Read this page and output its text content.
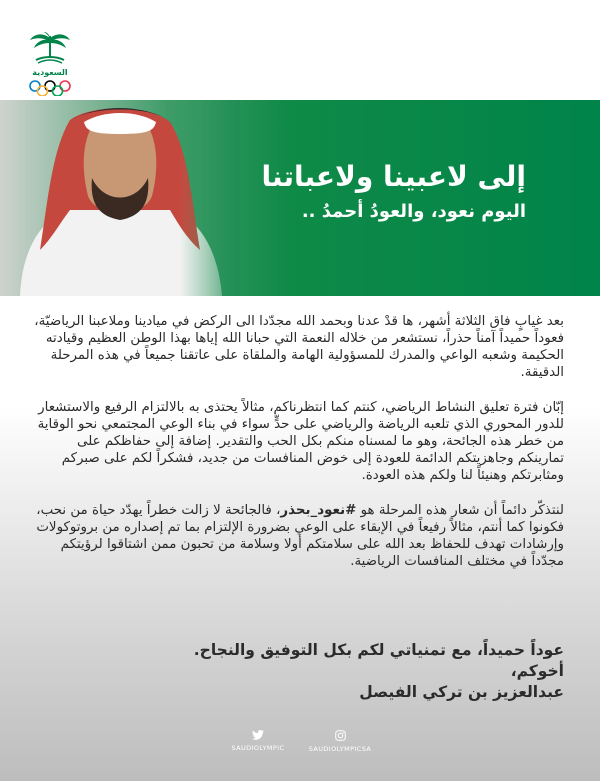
السعودية
إلى لاعبينا ولاعباتنا
اليوم نعود، والعودُ أحمدُ ..

بعد غيابٍ فاق الثلاثة أشهر، ها قدْ عدنا وبحمد الله مجدّدا الى الركض في ميادينا وملاعبنا الرياضيّة، فعوداً حميداً آمناً حذراً، نستشعر من خلاله النعمة التي حبانا الله إياها بهذا الوطن العظيم وقيادته الحكيمة وشعبه الواعي والمدرك للمسؤولية الهامة والملقاة على عاتقنا جميعاً في هذه المرحلة الدقيقة.

إبّان فترة تعليق النشاط الرياضي، كنتم كما انتظرناكم، مثالاً يحتذى به بالالتزام الرفيع والاستشعار للدور المحوري الذي تلعبه الرياضة والرياضي على حدٍّ سواء في بناء الوعي المجتمعي نحو الوقاية من خطر هذه الجائحة، وهو ما لمسناه منكم بكل الحب والتقدير. إضافة إلى حفاظكم على تمارينكم وجاهزيتكم الدائمة للعودة إلى خوض المنافسات من جديد، فشكراً لكم على صبركم ومثابرتكم وهنيئاً لنا ولكم هذه العودة.

لنتذكّر دائماً أن شعار هذه المرحلة هو #نعود_بحذر، فالجائحة لا زالت خطراً يهدّد حياة من نحب، فكونوا كما أنتم، مثالاً رفيعاً في الإبقاء على الوعي بضرورة الإلتزام بما تم إصداره من بروتوكولات وإرشادات تهدف للحفاظ بعد الله على سلامتكم أولا وسلامة من تحبون ممن اشتاقوا لرؤيتكم مجدّداً في مختلف المنافسات الرياضية.

عوداً حميداً، مع تمنياتي لكم بكل التوفيق والنجاح.
أخوكم،
عبدالعزيز بن تركي الفيصل
SAUDIOLYMPIC	SAUDIOLYMPICSA
